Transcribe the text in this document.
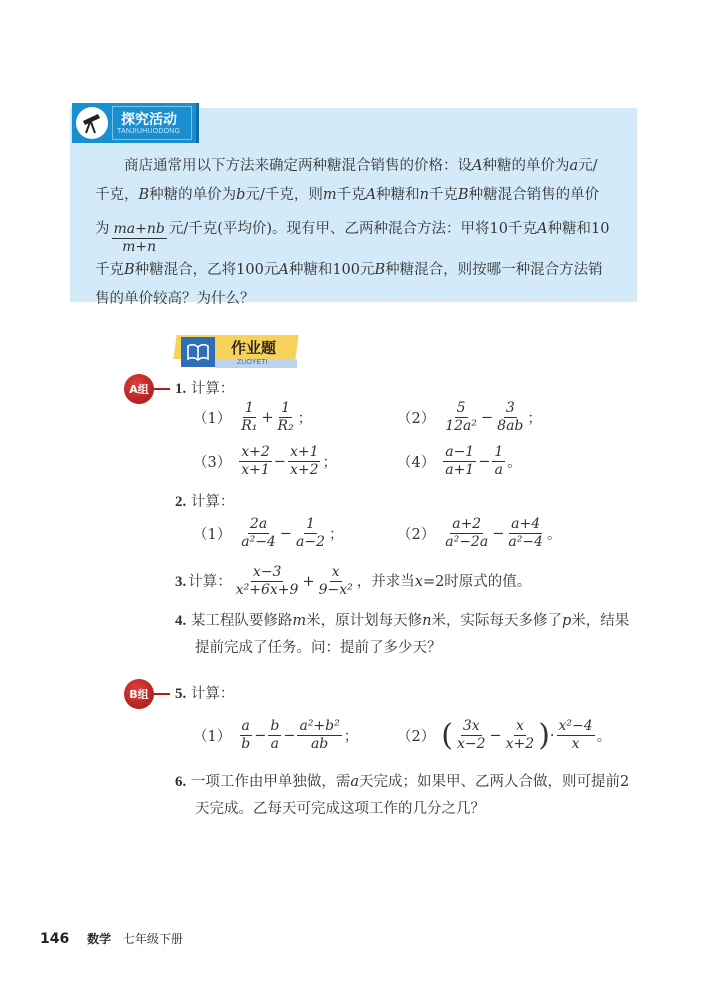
探究活动
TANJIUHUODONG

商店通常用以下方法来确定两种糖混合销售的价格：设A种糖的单价为a元/

千克，B种糖的单价为b元/千克，则m千克A种糖和n千克B种糖混合销售的单价

为 $\frac{ma+nb}{m+n}$ 元/千克(平均价)。现有甲、乙两种混合方法：甲将10千克A种糖和10

千克B种糖混合，乙将100元A种糖和100元B种糖混合，则按哪一种混合方法销

售的单价较高？为什么？

作业题
ZUOYETI
A组	1. 计算：
$(1) \frac{1}{\text{R₁}} + \frac{1}{\text{R₂}}$ ；	$(2) \frac{5}{\text{12a²}} - \frac{3}{8ab}$ ；
$(3) \frac{x+2}{x+1} - \frac{x+1}{x+2}$ ；	$(4) \frac{a-1}{a+1} - \frac{1}{a}$ 。
2. 计算：
$(1) \frac{2a}{\text{a²−4}} - \frac{1}{a-2}$ ；	$(2) \frac{a+2}{\text{a²−2a}} - \frac{a+4}{\text{a²−4}}$ 。
3. 计算： $\frac{x-3}{\text{x²+6x+9}} + \frac{x}{\text{9−x²}}$ ，并求当 x =2时原式的值。
4. 某工程队要修路m米，原计划每天修n米，实际每天多修了p米，结果
提前完成了任务。问：提前了多少天？
B组	5. 计算：
$(1) \frac{a}{b} - \frac{b}{a} - \frac{\text{a²+b²}}{ab}$ ；	（2） ( $\frac{3x}{x-2} - \frac{x}{x+2}$ ) · $\frac{\text{x²−4}}{x}$ 。
6. 一项工作由甲单独做，需a天完成；如果甲、乙两人合做，则可提前2
天完成。乙每天可完成这项工作的几分之几？
146 数学 七年级下册
